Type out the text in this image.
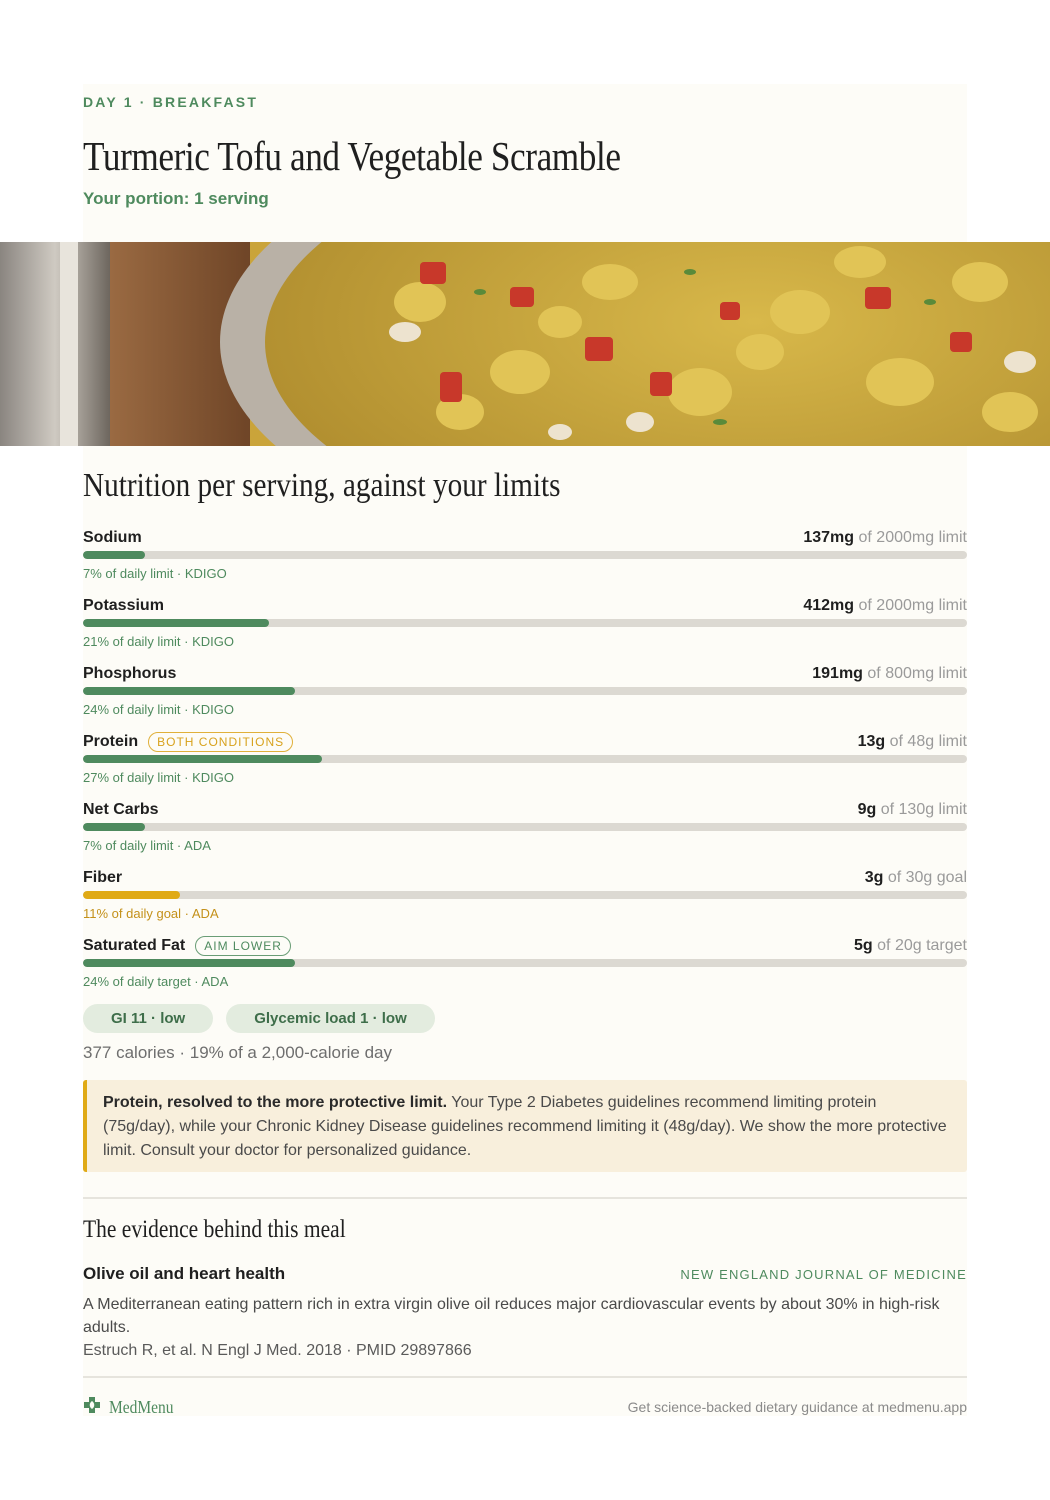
DAY 1 · BREAKFAST
Turmeric Tofu and Vegetable Scramble
Your portion: 1 serving
Nutrition per serving, against your limits
Sodium	137mg of 2000mg limit
7% of daily limit · KDIGO
Potassium	412mg of 2000mg limit
21% of daily limit · KDIGO
Phosphorus	191mg of 800mg limit
24% of daily limit · KDIGO
Protein	BOTH CONDITIONS	13g of 48g limit
27% of daily limit · KDIGO
Net Carbs	9g of 130g limit
7% of daily limit · ADA
Fiber	3g of 30g goal
11% of daily goal · ADA
Saturated Fat	AIM LOWER	5g of 20g target
24% of daily target · ADA
GI 11 · low	Glycemic load 1 · low
377 calories · 19% of a 2,000-calorie day
Protein, resolved to the more protective limit. Your Type 2 Diabetes guidelines recommend limiting protein (75g/day), while your Chronic Kidney Disease guidelines recommend limiting it (48g/day). We show the more protective limit. Consult your doctor for personalized guidance.
The evidence behind this meal
Olive oil and heart health	NEW ENGLAND JOURNAL OF MEDICINE
A Mediterranean eating pattern rich in extra virgin olive oil reduces major cardiovascular events by about 30% in high-risk adults.
Estruch R, et al. N Engl J Med. 2018 · PMID 29897866
MedMenu	Get science-backed dietary guidance at medmenu.app
